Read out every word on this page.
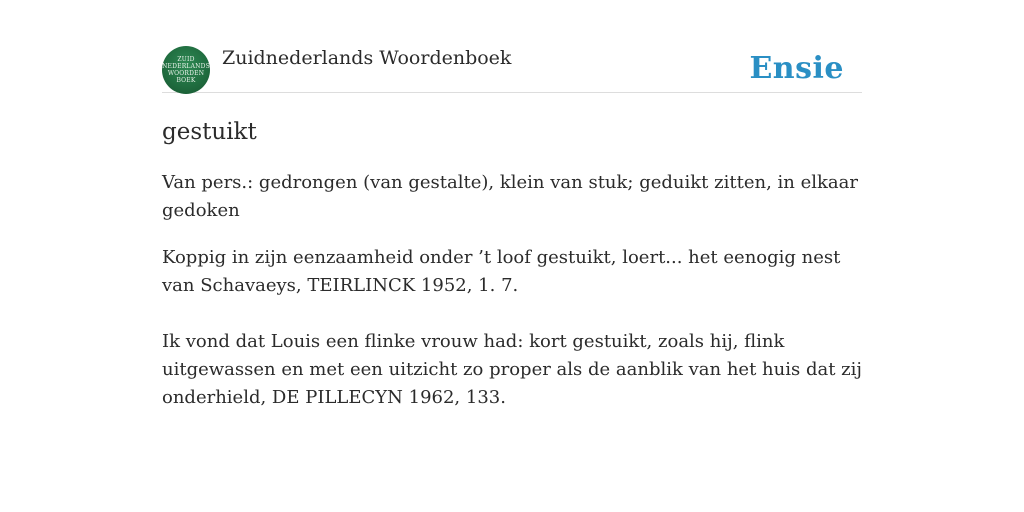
ZUID
NEDERLANDS
WOORDEN
BOEK
Zuidnederlands Woordenboek	Ensie
gestuikt
Van pers.: gedrongen (van gestalte), klein van stuk; geduikt zitten, in elkaar gedoken
Koppig in zijn eenzaamheid onder ’t loof gestuikt, loert... het eenogig nest van Schavaeys, TEIRLINCK 1952, 1. 7.
Ik vond dat Louis een flinke vrouw had: kort gestuikt, zoals hij, flink uitgewassen en met een uitzicht zo proper als de aanblik van het huis dat zij onderhield, DE PILLECYN 1962, 133.
